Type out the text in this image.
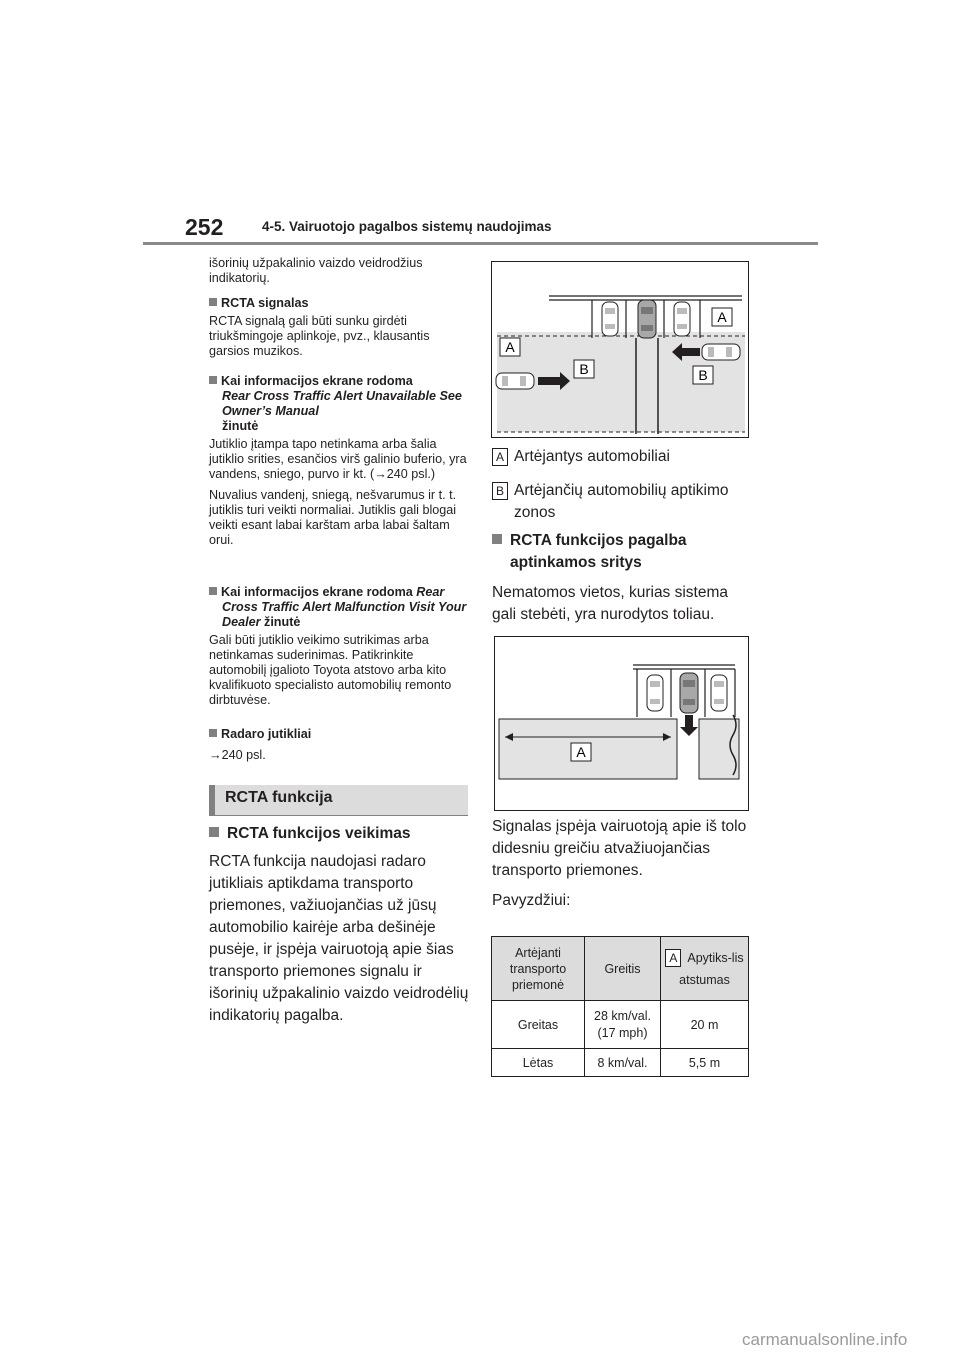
252	4-5. Vairuotojo pagalbos sistemų naudojimas

išorinių užpakalinio vaizdo veidrodžius indikatorių.

RCTA signalas

RCTA signalą gali būti sunku girdėti triukšmingoje aplinkoje, pvz., klausantis garsios muzikos.

Kai informacijos ekrane rodoma
Rear Cross Traffic Alert Unavailable See Owner’s Manual
žinutė

Jutiklio įtampa tapo netinkama arba šalia jutiklio srities, esančios virš galinio buferio, yra vandens, sniego, purvo ir kt. (→240 psl.)

Nuvalius vandenį, sniegą, nešvarumus ir t. t. jutiklis turi veikti normaliai. Jutiklis gali blogai veikti esant labai karštam arba labai šaltam orui.

Kai informacijos ekrane rodoma Rear Cross Traffic Alert Malfunction Visit Your Dealer žinutė

Gali būti jutiklio veikimo sutrikimas arba netinkamas suderinimas. Patikrinkite automobilį įgalioto Toyota atstovo arba kito kvalifikuoto specialisto automobilių remonto dirbtuvėse.

Radaro jutikliai

→240 psl.

RCTA funkcija

RCTA funkcijos veikimas

RCTA funkcija naudojasi radaro jutikliais aptikdama transporto priemones, važiuojančias už jūsų automobilio kairėje arba dešinėje pusėje, ir įspėja vairuotoją apie šias transporto priemones signalu ir išorinių užpakalinio vaizdo veidrodėlių indikatorių pagalba.

A
A
B	B
A Artėjantys automobiliai

B Artėjančių automobilių aptikimo zonos

RCTA funkcijos pagalba aptinkamos sritys

Nematomos vietos, kurias sistema gali stebėti, yra nurodytos toliau.

A

Signalas įspėja vairuotoją apie iš tolo didesniu greičiu atvažiuojančias transporto priemones.

Pavyzdžiui:

Artėjanti transporto priemonė	Greitis	A Apytiks-lis atstumas
Greitas	28 km/val. (17 mph)	20 m
Lėtas	8 km/val.	5,5 m
carmanualsonline.info
